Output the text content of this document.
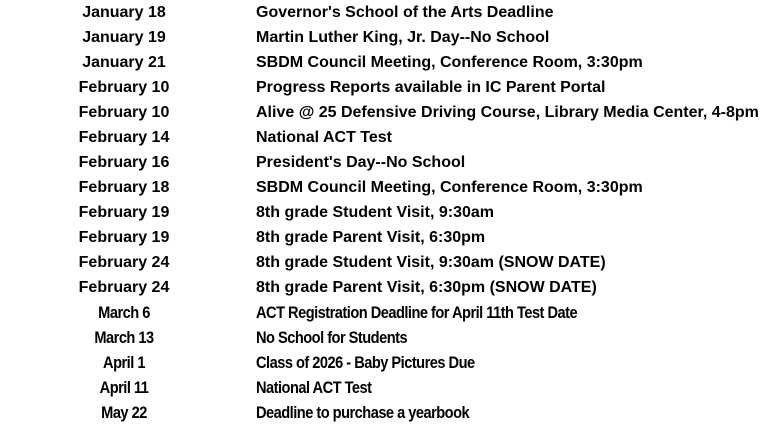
January 18	Governor's School of the Arts Deadline
January 19	Martin Luther King, Jr. Day--No School
January 21	SBDM Council Meeting, Conference Room, 3:30pm
February 10	Progress Reports available in IC Parent Portal
February 10	Alive @ 25 Defensive Driving Course, Library Media Center, 4-8pm
February 14	National ACT Test
February 16	President's Day--No School
February 18	SBDM Council Meeting, Conference Room, 3:30pm
February 19	8th grade Student Visit, 9:30am
February 19	8th grade Parent Visit, 6:30pm
February 24	8th grade Student Visit, 9:30am (SNOW DATE)
February 24	8th grade Parent Visit, 6:30pm (SNOW DATE)
March 6	ACT Registration Deadline for April 11th Test Date
March 13	No School for Students
April 1	Class of 2026 - Baby Pictures Due
April 11	National ACT Test
May 22	Deadline to purchase a yearbook
